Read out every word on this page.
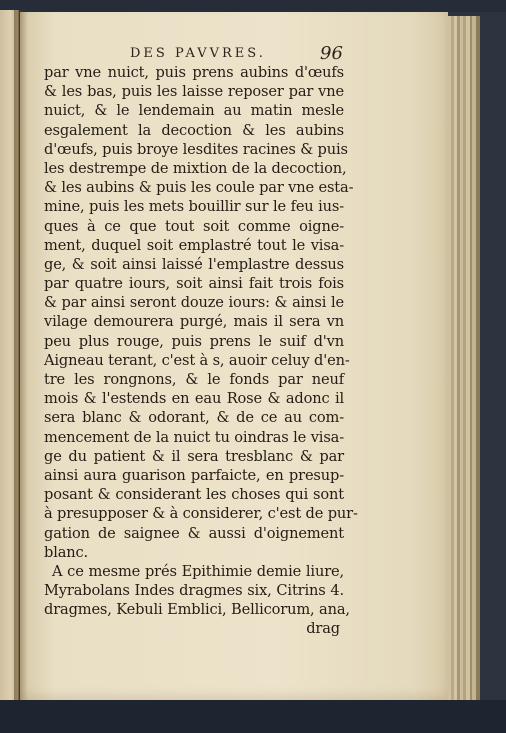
DES PAVVRES.	96
par vne nuict, puis prens aubins d'œufs
& les bas, puis les laisse reposer par vne
nuict, & le lendemain au matin mesle
esgalement la decoction & les aubins
d'œufs, puis broye lesdites racines & puis
les destrempe de mixtion de la decoction,
& les aubins & puis les coule par vne esta-
mine, puis les mets bouillir sur le feu ius-
ques à ce que tout soit comme oigne-
ment, duquel soit emplastré tout le visa-
ge, & soit ainsi laissé l'emplastre dessus
par quatre iours, soit ainsi fait trois fois
& par ainsi seront douze iours: & ainsi le
vilage demourera purgé, mais il sera vn
peu plus rouge, puis prens le suif d'vn
Aigneau terant, c'est à s, auoir celuy d'en-
tre les rongnons, & le fonds par neuf
mois & l'estends en eau Rose & adonc il
sera blanc & odorant, & de ce au com-
mencement de la nuict tu oindras le visa-
ge du patient & il sera tresblanc & par
ainsi aura guarison parfaicte, en presup-
posant & considerant les choses qui sont
à presupposer & à considerer, c'est de pur-
gation de saignee & aussi d'oignement
blanc.
A ce mesme prés Epithimie demie liure,
Myrabolans Indes dragmes six, Citrins 4.
dragmes, Kebuli Emblici, Bellicorum, ana,
drag
